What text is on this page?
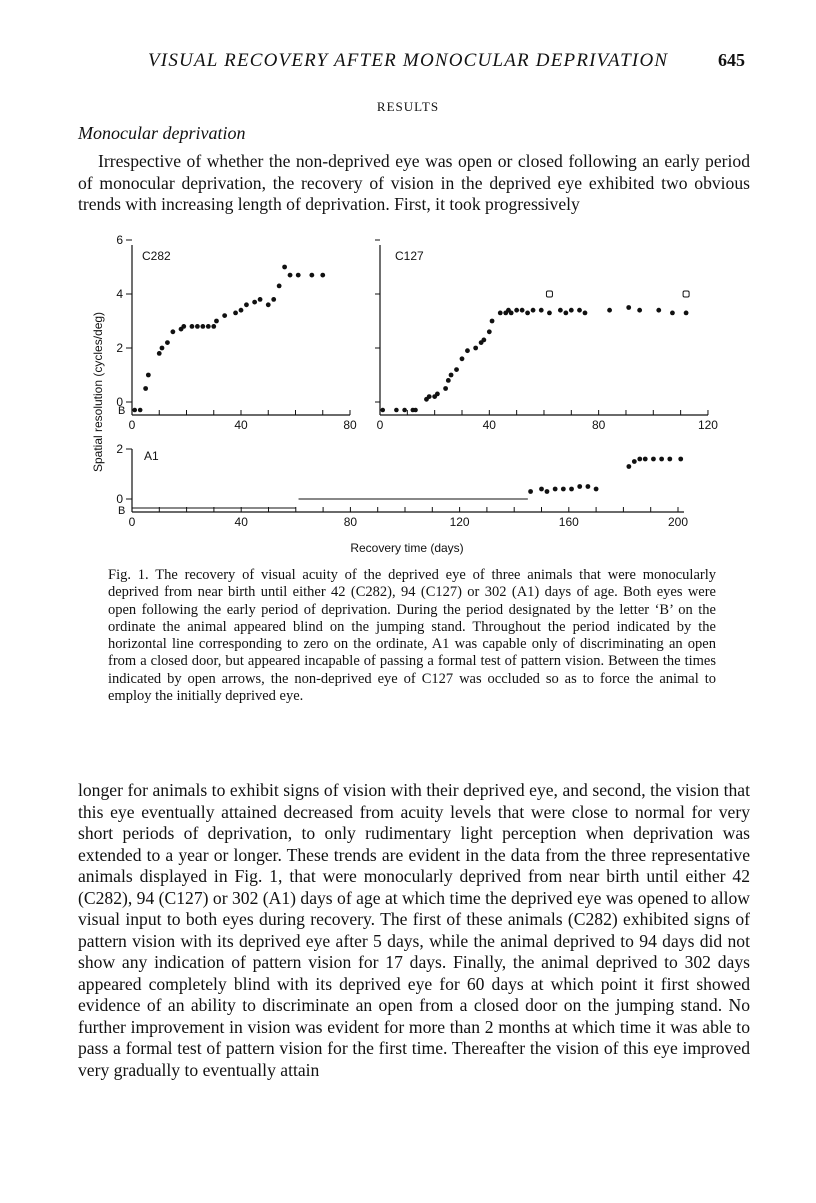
VISUAL RECOVERY AFTER MONOCULAR DEPRIVATION	645
RESULTS
Monocular deprivation

Irrespective of whether the non-deprived eye was open or closed following an early period of monocular deprivation, the recovery of vision in the deprived eye exhibited two obvious trends with increasing length of deprivation. First, it took progressively

C282
B
0
2
4
6
0	40	80
C127
0	40	80	120
A1
B
0
2
0	40	80	120	160	200
Spatial resolution (cycles/deg)
Recovery time (days)

Fig. 1. The recovery of visual acuity of the deprived eye of three animals that were monocularly deprived from near birth until either 42 (C282), 94 (C127) or 302 (A1) days of age. Both eyes were open following the early period of deprivation. During the period designated by the letter ‘B’ on the ordinate the animal appeared blind on the jumping stand. Throughout the period indicated by the horizontal line corresponding to zero on the ordinate, A1 was capable only of discriminating an open from a closed door, but appeared incapable of passing a formal test of pattern vision. Between the times indicated by open arrows, the non-deprived eye of C127 was occluded so as to force the animal to employ the initially deprived eye.

longer for animals to exhibit signs of vision with their deprived eye, and second, the vision that this eye eventually attained decreased from acuity levels that were close to normal for very short periods of deprivation, to only rudimentary light perception when deprivation was extended to a year or longer. These trends are evident in the data from the three representative animals displayed in Fig. 1, that were monocularly deprived from near birth until either 42 (C282), 94 (C127) or 302 (A1) days of age at which time the deprived eye was opened to allow visual input to both eyes during recovery. The first of these animals (C282) exhibited signs of pattern vision with its deprived eye after 5 days, while the animal deprived to 94 days did not show any indication of pattern vision for 17 days. Finally, the animal deprived to 302 days appeared completely blind with its deprived eye for 60 days at which point it first showed evidence of an ability to discriminate an open from a closed door on the jumping stand. No further improvement in vision was evident for more than 2 months at which time it was able to pass a formal test of pattern vision for the first time. Thereafter the vision of this eye improved very gradually to eventually attain
